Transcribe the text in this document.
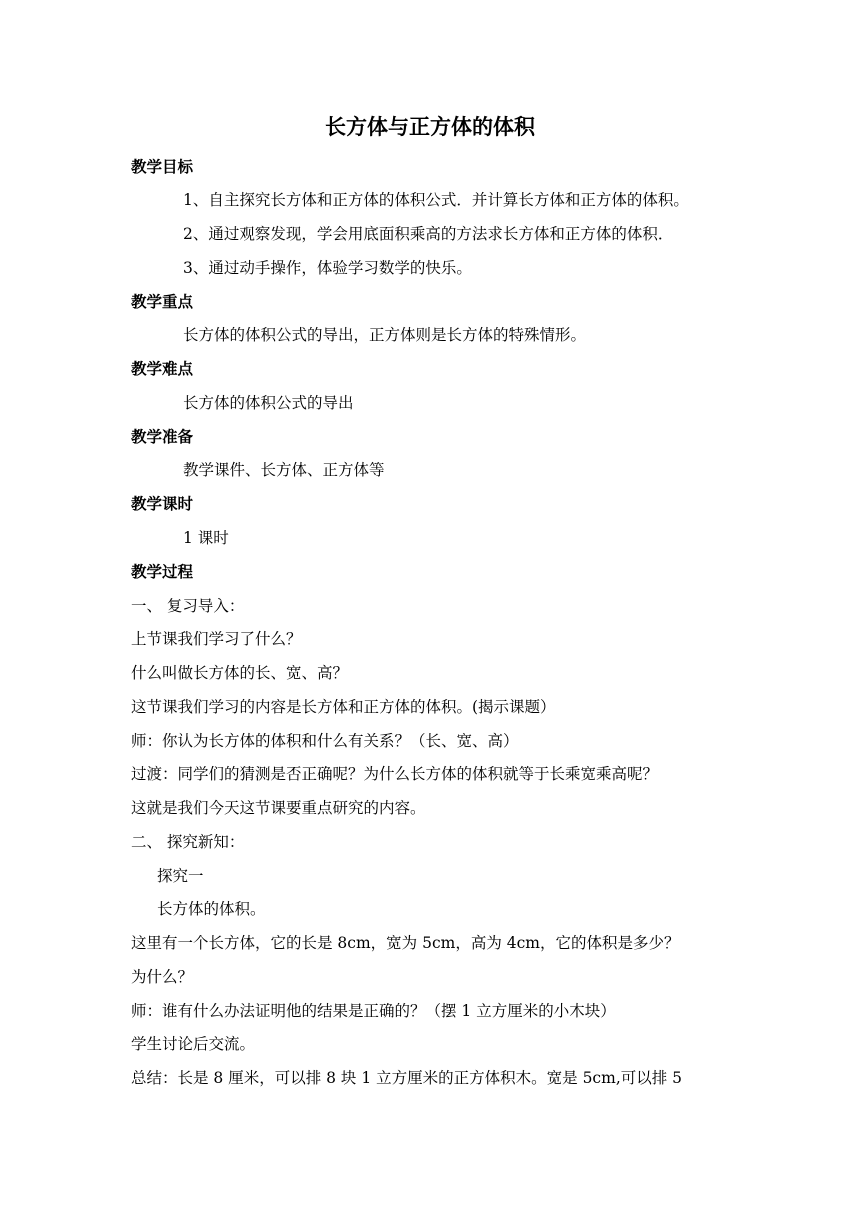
长方体与正方体的体积
教学目标
1、自主探究长方体和正方体的体积公式．并计算长方体和正方体的体积。
2、通过观察发现，学会用底面积乘高的方法求长方体和正方体的体积．
3、通过动手操作，体验学习数学的快乐。
教学重点
长方体的体积公式的导出，正方体则是长方体的特殊情形。
教学难点
长方体的体积公式的导出
教学准备
教学课件、长方体、正方体等
教学课时
1 课时
教学过程
一、 复习导入：
上节课我们学习了什么？
什么叫做长方体的长、宽、高？
这节课我们学习的内容是长方体和正方体的体积。(揭示课题）
师：你认为长方体的体积和什么有关系？（长、宽、高）
过渡：同学们的猜测是否正确呢？为什么长方体的体积就等于长乘宽乘高呢？
这就是我们今天这节课要重点研究的内容。
二、 探究新知：
探究一
长方体的体积。
这里有一个长方体，它的长是 8cm，宽为 5cm，高为 4cm，它的体积是多少？
为什么？
师：谁有什么办法证明他的结果是正确的？（摆 1 立方厘米的小木块）
学生讨论后交流。
总结：长是 8 厘米，可以排 8 块 1 立方厘米的正方体积木。宽是 5cm,可以排 5
